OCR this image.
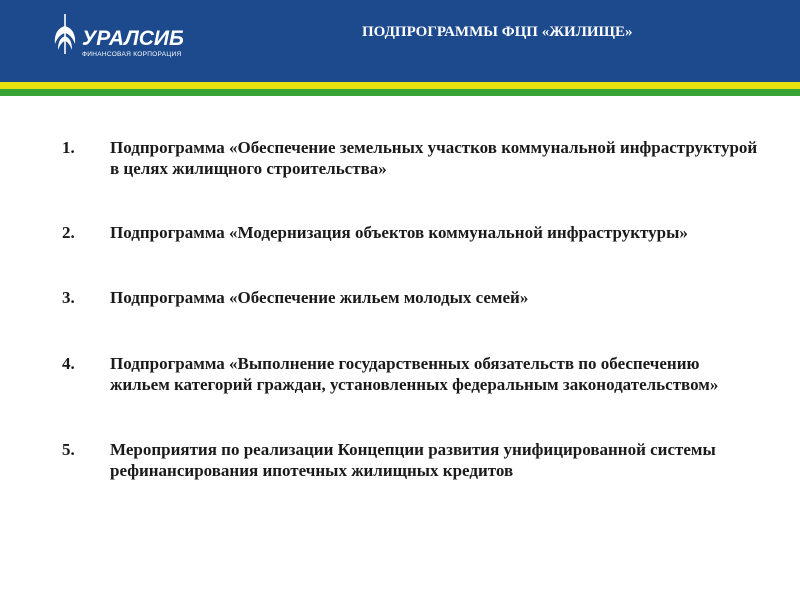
УРАЛСИБ
ФИНАНСОВАЯ КОРПОРАЦИЯ
ПОДПРОГРАММЫ ФЦП «ЖИЛИЩЕ»
1. Подпрограмма «Обеспечение земельных участков коммунальной инфраструктурой в целях жилищного строительства»
2. Подпрограмма «Модернизация объектов коммунальной инфраструктуры»
3. Подпрограмма «Обеспечение жильем молодых семей»
4. Подпрограмма «Выполнение государственных обязательств по обеспечению жильем категорий граждан, установленных федеральным законодательством»
5. Мероприятия по реализации Концепции развития унифицированной системы рефинансирования ипотечных жилищных кредитов
